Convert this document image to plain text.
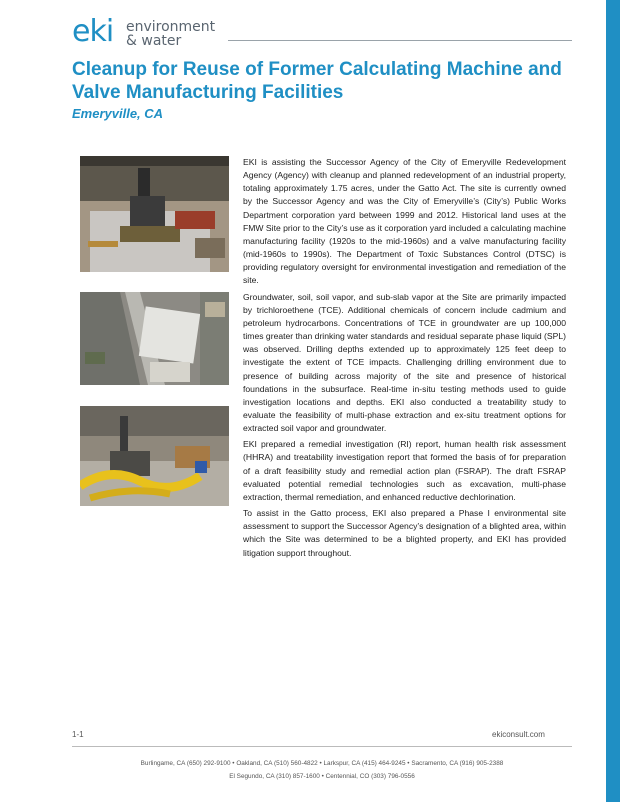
eki environment
& water
Cleanup for Reuse of Former Calculating Machine and Valve Manufacturing Facilities
Emeryville, CA

EKI is assisting the Successor Agency of the City of Emeryville Redevelopment Agency (Agency) with cleanup and planned redevelopment of an industrial property, totaling approximately 1.75 acres, under the Gatto Act. The site is currently owned by the Successor Agency and was the City of Emeryville’s (City’s) Public Works Department corporation yard between 1999 and 2012. Historical land uses at the FMW Site prior to the City’s use as it corporation yard included a calculating machine manufacturing facility (1920s to the mid-1960s) and a valve manufacturing facility (mid-1960s to 1990s). The Department of Toxic Substances Control (DTSC) is providing regulatory oversight for environmental investigation and remediation of the site.

Groundwater, soil, soil vapor, and sub-slab vapor at the Site are primarily impacted by trichloroethene (TCE). Additional chemicals of concern include cadmium and petroleum hydrocarbons. Concentrations of TCE in groundwater are up 100,000 times greater than drinking water standards and residual separate phase liquid (SPL) was observed. Drilling depths extended up to approximately 125 feet deep to investigate the extent of TCE impacts. Challenging drilling environment due to presence of building across majority of the site and presence of historical foundations in the subsurface. Real-time in-situ testing methods used to guide investigation locations and depths. EKI also conducted a treatability study to evaluate the feasibility of multi-phase extraction and ex-situ treatment options for extracted soil vapor and groundwater.

EKI prepared a remedial investigation (RI) report, human health risk assessment (HHRA) and treatability investigation report that formed the basis of for preparation of a draft feasibility study and remedial action plan (FSRAP). The draft FSRAP evaluated potential remedial technologies such as excavation, multi-phase extraction, thermal remediation, and enhanced reductive dechlorination.

To assist in the Gatto process, EKI also prepared a Phase I environmental site assessment to support the Successor Agency’s designation of a blighted area, within which the Site was determined to be a blighted property, and EKI has provided litigation support throughout.

1-1	ekiconsult.com
Burlingame, CA (650) 292-9100 • Oakland, CA (510) 560-4822 • Larkspur, CA (415) 464-9245 • Sacramento, CA (916) 905-2388
El Segundo, CA (310) 857-1600 • Centennial, CO (303) 796-0556
